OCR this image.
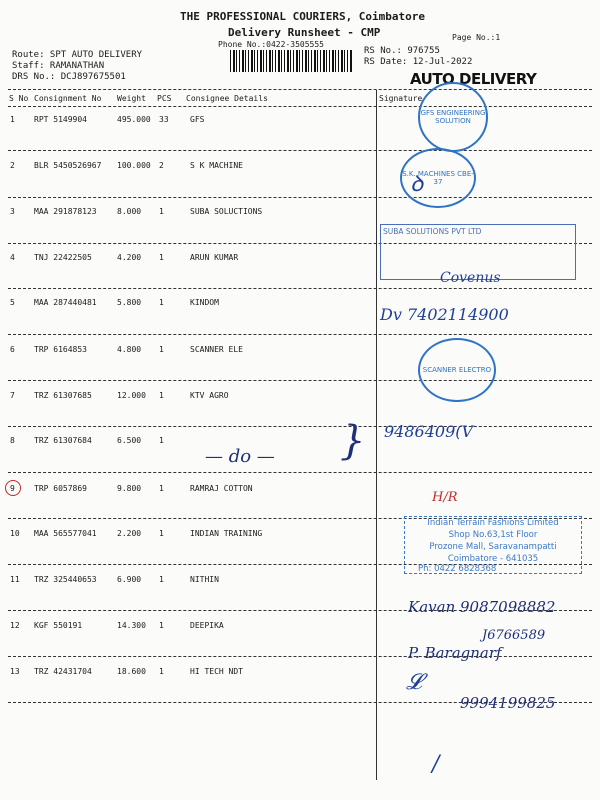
THE PROFESSIONAL COURIERS, Coimbatore
Delivery Runsheet - CMP
Phone No.:0422-3505555
Page No.:1
Route: SPT AUTO DELIVERY
Staff: RAMANATHAN
DRS No.: DCJ897675501
RS No.: 976755
RS Date: 12-Jul-2022
AUTO DELIVERY
S No Consignment No Weight PCS Consignee Details	Signature
1 RPT 5149904	495.000 33	GFS
2 BLR 5450526967 100.000 2	S K MACHINE
3 MAA 291878123	8.000 1	SUBA SOLUCTIONS
4 TNJ 22422505	4.200 1	ARUN KUMAR
5 MAA 287440481	5.800 1	KINDOM
6 TRP 6164853	4.800 1	SCANNER ELE
7 TRZ 61307685	12.000 1	KTV AGRO
8 TRZ 61307684	6.500 1
9 TRP 6057869	9.800 1	RAMRAJ COTTON
10 MAA 565577041	2.200 1	INDIAN TRAINING
11 TRZ 325440653	6.900 1	NITHIN
12 KGF 550191	14.300 1	DEEPIKA
13 TRZ 42431704	18.600 1	HI TECH NDT
— do — }
GFS ENGINEERING SOLUTION
S.K. MACHINES CBE-37
SUBA SOLUTIONS PVT LTD
SCANNER ELECTRO
ꝺ
Covenus
Dv 7402114900
9486409(V
H/R
Indian Terrain Fashions Limited
Shop No.63,1st Floor
Prozone Mall, Saravanampatti
Coimbatore - 641035
Ph: 0422 6828368
Kavan 9087098882
J6766589
P. Baragnarf
𝓛
9994199825
/
